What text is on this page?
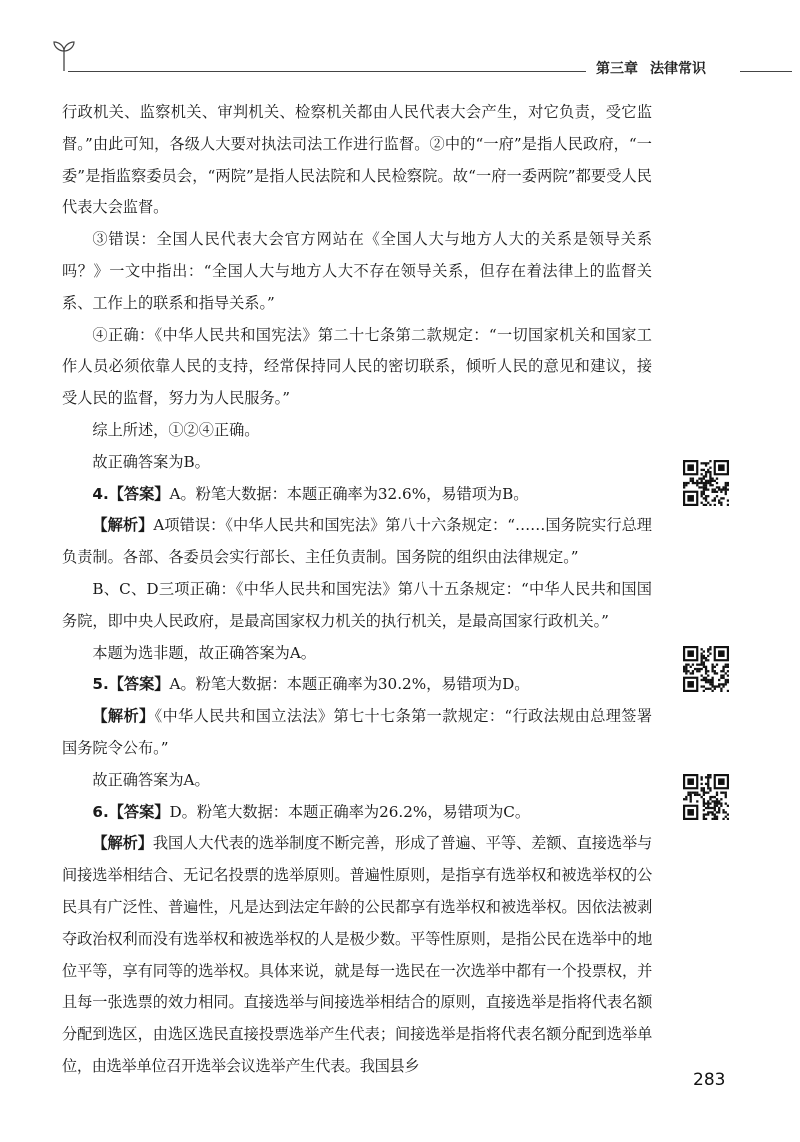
第三章 法律常识

行政机关、监察机关、审判机关、检察机关都由人民代表大会产生，对它负责，受它监督。”由此可知，各级人大要对执法司法工作进行监督。②中的“一府”是指人民政府，“一委”是指监察委员会，“两院”是指人民法院和人民检察院。故“一府一委两院”都要受人民代表大会监督。

③错误：全国人民代表大会官方网站在《全国人大与地方人大的关系是领导关系吗？》一文中指出：“全国人大与地方人大不存在领导关系，但存在着法律上的监督关系、工作上的联系和指导关系。”

④正确：《中华人民共和国宪法》第二十七条第二款规定：“一切国家机关和国家工作人员必须依靠人民的支持，经常保持同人民的密切联系，倾听人民的意见和建议，接受人民的监督，努力为人民服务。”

综上所述，①②④正确。

故正确答案为B。

4.【答案】A。粉笔大数据：本题正确率为32.6%，易错项为B。

【解析】A项错误：《中华人民共和国宪法》第八十六条规定：“……国务院实行总理负责制。各部、各委员会实行部长、主任负责制。国务院的组织由法律规定。”

B、C、D三项正确：《中华人民共和国宪法》第八十五条规定：“中华人民共和国国务院，即中央人民政府，是最高国家权力机关的执行机关，是最高国家行政机关。”

本题为选非题，故正确答案为A。

5.【答案】A。粉笔大数据：本题正确率为30.2%，易错项为D。

【解析】《中华人民共和国立法法》第七十七条第一款规定：“行政法规由总理签署国务院令公布。”

故正确答案为A。

6.【答案】D。粉笔大数据：本题正确率为26.2%，易错项为C。

【解析】我国人大代表的选举制度不断完善，形成了普遍、平等、差额、直接选举与间接选举相结合、无记名投票的选举原则。普遍性原则，是指享有选举权和被选举权的公民具有广泛性、普遍性，凡是达到法定年龄的公民都享有选举权和被选举权。因依法被剥夺政治权利而没有选举权和被选举权的人是极少数。平等性原则，是指公民在选举中的地位平等，享有同等的选举权。具体来说，就是每一选民在一次选举中都有一个投票权，并且每一张选票的效力相同。直接选举与间接选举相结合的原则，直接选举是指将代表名额分配到选区，由选区选民直接投票选举产生代表；间接选举是指将代表名额分配到选举单位，由选举单位召开选举会议选举产生代表。我国县乡

283
